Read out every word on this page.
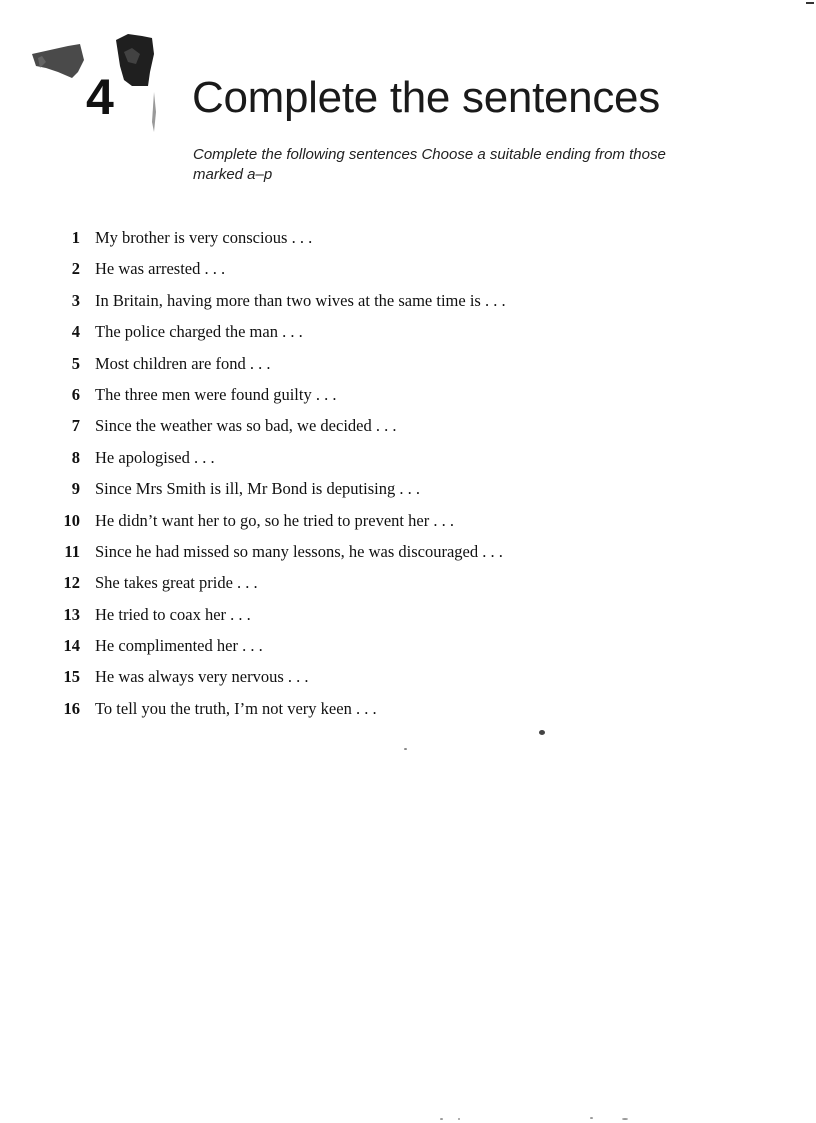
4 Complete the sentences

Complete the following sentences Choose a suitable ending from those marked a–p

1 My brother is very conscious . . .
2 He was arrested . . .
3 In Britain, having more than two wives at the same time is . . .
4 The police charged the man . . .
5 Most children are fond . . .
6 The three men were found guilty . . .
7 Since the weather was so bad, we decided . . .
8 He apologised . . .
9 Since Mrs Smith is ill, Mr Bond is deputising . . .
10 He didn’t want her to go, so he tried to prevent her . . .
11 Since he had missed so many lessons, he was discouraged . . .
12 She takes great pride . . .
13 He tried to coax her . . .
14 He complimented her . . .
15 He was always very nervous . . .
16 To tell you the truth, I’m not very keen . . .
